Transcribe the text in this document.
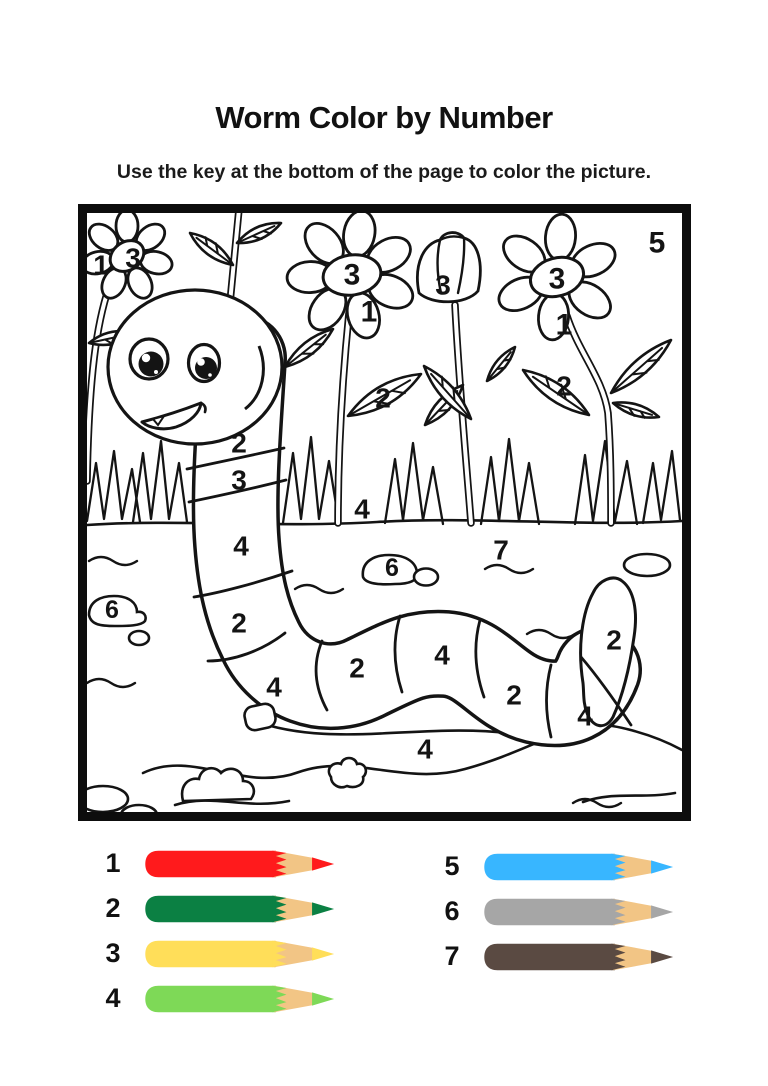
Worm Color by Number
Use the key at the bottom of the page to color the picture.
1 3
3
1
3	3
1
5
2	2
2
3
4
4	7
6
6	2
2
2 4
4	2
4
4
1
2
3
4
5
6
7
